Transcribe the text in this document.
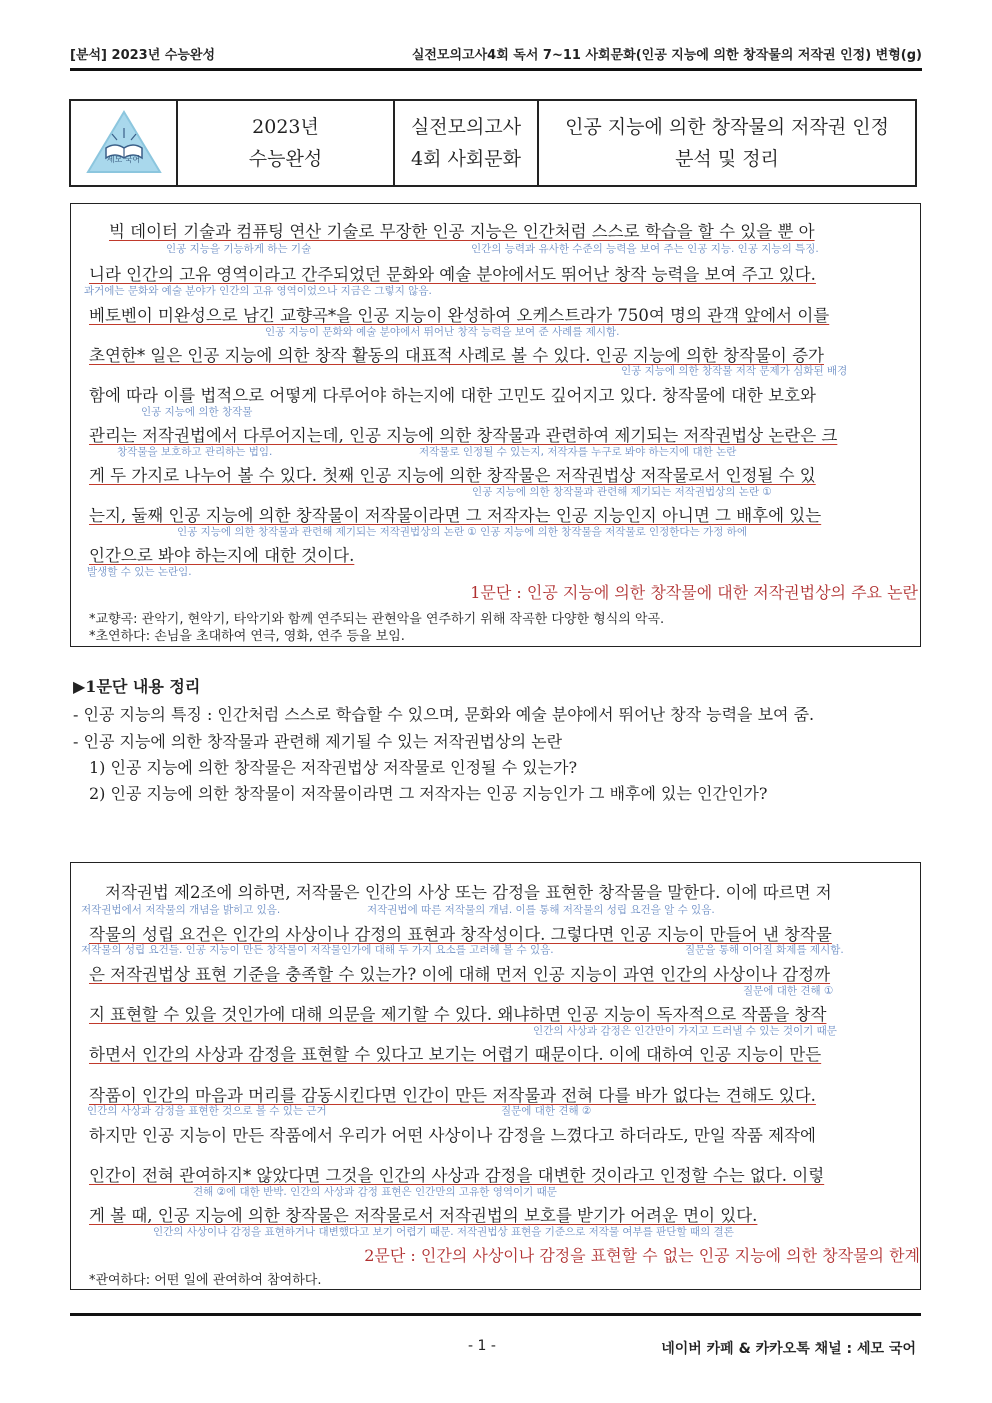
[분석] 2023년 수능완성	실전모의고사4회 독서 7~11 사회문화(인공 지능에 의한 창작물의 저작권 인정) 변형(g)
세모 국어
2023년
수능완성
실전모의고사
4회 사회문화
인공 지능에 의한 창작물의 저작권 인정
분석 및 정리
빅 데이터 기술과 컴퓨팅 연산 기술로 무장한 인공 지능은 인간처럼 스스로 학습을 할 수 있을 뿐 아
인공 지능을 기능하게 하는 기술	인간의 능력과 유사한 수준의 능력을 보여 주는 인공 지능. 인공 지능의 특징.
니라 인간의 고유 영역이라고 간주되었던 문화와 예술 분야에서도 뛰어난 창작 능력을 보여 주고 있다.
과거에는 문화와 예술 분야가 인간의 고유 영역이었으나 지금은 그렇지 않음.
베토벤이 미완성으로 남긴 교향곡*을 인공 지능이 완성하여 오케스트라가 750여 명의 관객 앞에서 이를
인공 지능이 문화와 예술 분야에서 뛰어난 창작 능력을 보여 준 사례를 제시함.
초연한* 일은 인공 지능에 의한 창작 활동의 대표적 사례로 볼 수 있다. 인공 지능에 의한 창작물이 증가
인공 지능에 의한 창작물 저작 문제가 심화된 배경
함에 따라 이를 법적으로 어떻게 다루어야 하는지에 대한 고민도 깊어지고 있다. 창작물에 대한 보호와
인공 지능에 의한 창작물
관리는 저작권법에서 다루어지는데, 인공 지능에 의한 창작물과 관련하여 제기되는 저작권법상 논란은 크
창작물을 보호하고 관리하는 법임.	저작물로 인정될 수 있는지, 저작자를 누구로 봐야 하는지에 대한 논란
게 두 가지로 나누어 볼 수 있다. 첫째 인공 지능에 의한 창작물은 저작권법상 저작물로서 인정될 수 있
인공 지능에 의한 창작물과 관련해 제기되는 저작권법상의 논란 ①
는지, 둘째 인공 지능에 의한 창작물이 저작물이라면 그 저작자는 인공 지능인지 아니면 그 배후에 있는
인공 지능에 의한 창작물과 관련해 제기되는 저작권법상의 논란 ① 인공 지능에 의한 창작물을 저작물로 인정한다는 가정 하에
인간으로 봐야 하는지에 대한 것이다.
발생할 수 있는 논란임.
1문단 : 인공 지능에 의한 창작물에 대한 저작권법상의 주요 논란
*교향곡: 관악기, 현악기, 타악기와 함께 연주되는 관현악을 연주하기 위해 작곡한 다양한 형식의 악곡.
*초연하다: 손님을 초대하여 연극, 영화, 연주 등을 보임.
▶1문단 내용 정리
- 인공 지능의 특징 : 인간처럼 스스로 학습할 수 있으며, 문화와 예술 분야에서 뛰어난 창작 능력을 보여 줌.
- 인공 지능에 의한 창작물과 관련해 제기될 수 있는 저작권법상의 논란
1) 인공 지능에 의한 창작물은 저작권법상 저작물로 인정될 수 있는가?
2) 인공 지능에 의한 창작물이 저작물이라면 그 저작자는 인공 지능인가 그 배후에 있는 인간인가?
저작권법 제2조에 의하면, 저작물은 인간의 사상 또는 감정을 표현한 창작물을 말한다. 이에 따르면 저
저작권법에서 저작물의 개념을 밝히고 있음.	저작권법에 따른 저작물의 개념. 이를 통해 저작물의 성립 요건을 알 수 있음.
작물의 성립 요건은 인간의 사상이나 감정의 표현과 창작성이다. 그렇다면 인공 지능이 만들어 낸 창작물
저작물의 성립 요건들. 인공 지능이 만든 창작물이 저작물인가에 대해 두 가지 요소를 고려해 볼 수 있음.	질문을 통해 이어질 화제를 제시함.
은 저작권법상 표현 기준을 충족할 수 있는가? 이에 대해 먼저 인공 지능이 과연 인간의 사상이나 감정까
질문에 대한 견해 ①
지 표현할 수 있을 것인가에 대해 의문을 제기할 수 있다. 왜냐하면 인공 지능이 독자적으로 작품을 창작
인간의 사상과 감정은 인간만이 가지고 드러낼 수 있는 것이기 때문
하면서 인간의 사상과 감정을 표현할 수 있다고 보기는 어렵기 때문이다. 이에 대하여 인공 지능이 만든
작품이 인간의 마음과 머리를 감동시킨다면 인간이 만든 저작물과 전혀 다를 바가 없다는 견해도 있다.
인간의 사상과 감정을 표현한 것으로 볼 수 있는 근거	질문에 대한 견해 ②
하지만 인공 지능이 만든 작품에서 우리가 어떤 사상이나 감정을 느꼈다고 하더라도, 만일 작품 제작에
인간이 전혀 관여하지* 않았다면 그것을 인간의 사상과 감정을 대변한 것이라고 인정할 수는 없다. 이렇
견해 ②에 대한 반박. 인간의 사상과 감정 표현은 인간만의 고유한 영역이기 때문
게 볼 때, 인공 지능에 의한 창작물은 저작물로서 저작권법의 보호를 받기가 어려운 면이 있다.
인간의 사상이나 감정을 표현하거나 대변했다고 보기 어렵기 때문. 저작권법상 표현을 기준으로 저작물 여부를 판단할 때의 결론
2문단 : 인간의 사상이나 감정을 표현할 수 없는 인공 지능에 의한 창작물의 한계
*관여하다: 어떤 일에 관여하여 참여하다.
- 1 -	네이버 카페 & 카카오톡 채널 : 세모 국어
